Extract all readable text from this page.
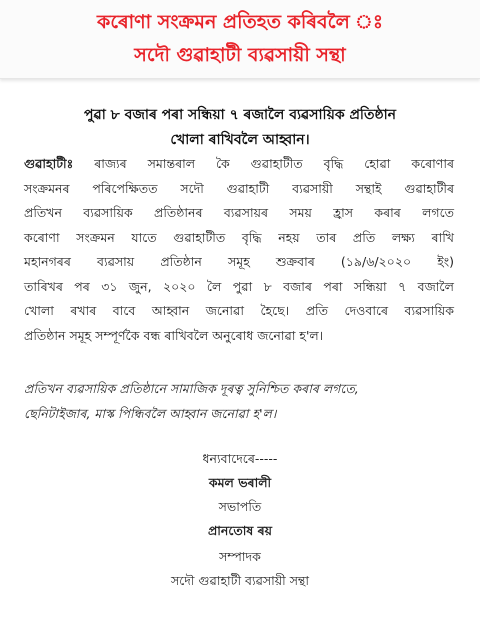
কৰোণা সংক্ৰমন প্ৰতিহত কৰিবলৈ ঃ
সদৌ গুৱাহাটী ব্যৱসায়ী সন্থা
পুৱা ৮ বজাৰ পৰা সন্ধিয়া ৭ ৰজালৈ ব্যৱসায়িক প্ৰতিষ্ঠান
খোলা ৰাখিবলৈ আহ্বান।
গুৱাহাটীঃ ৰাজ্যৰ সমান্তৰাল কৈ গুৱাহাটীত বৃদ্ধি হোৱা কৰোণাৰ
সংক্ৰমনৰ পৰিপেক্ষিতত সদৌ গুৱাহাটী ব্যৱসায়ী সন্থাই গুৱাহাটীৰ
প্ৰতিখন ব্যৱসায়িক প্ৰতিষ্ঠানৰ ব্যৱসায়ৰ সময় হ্ৰাস কৰাৰ লগতে
কৰোণা সংক্ৰমন যাতে গুৱাহাটীত বৃদ্ধি নহয় তাৰ প্ৰতি লক্ষ্য ৰাখি
মহানগৰৰ ব্যৱসায় প্ৰতিষ্ঠান সমূহ শুক্ৰবাৰ (১৯/৬/২০২০ ইং)
তাৰিখৰ পৰ ৩১ জুন, ২০২০ লৈ পুৱা ৮ বজাৰ পৰা সন্ধিয়া ৭ বজালৈ
খোলা ৰখাৰ বাবে আহ্বান জনোৱা হৈছে। প্ৰতি দেওবাৰে ব্যৱসায়িক
প্ৰতিষ্ঠান সমূহ সম্পূৰ্ণকৈ বন্ধ ৰাখিবলৈ অনুৰোধ জনোৱা হ'ল।
প্ৰতিখন ব্যৱসায়িক প্ৰতিষ্ঠানে সামাজিক দূৰত্ব সুনিশ্চিত কৰাৰ লগতে,
ছেনিটাইজাৰ, মাস্ক পিন্ধিবলৈ আহ্বান জনোৱা হ'ল।
ধন্যবাদেৰে-----
কমল ভৰালী
সভাপতি
প্ৰানতোষ ৰয়
সম্পাদক
সদৌ গুৱাহাটী ব্যৱসায়ী সন্থা
